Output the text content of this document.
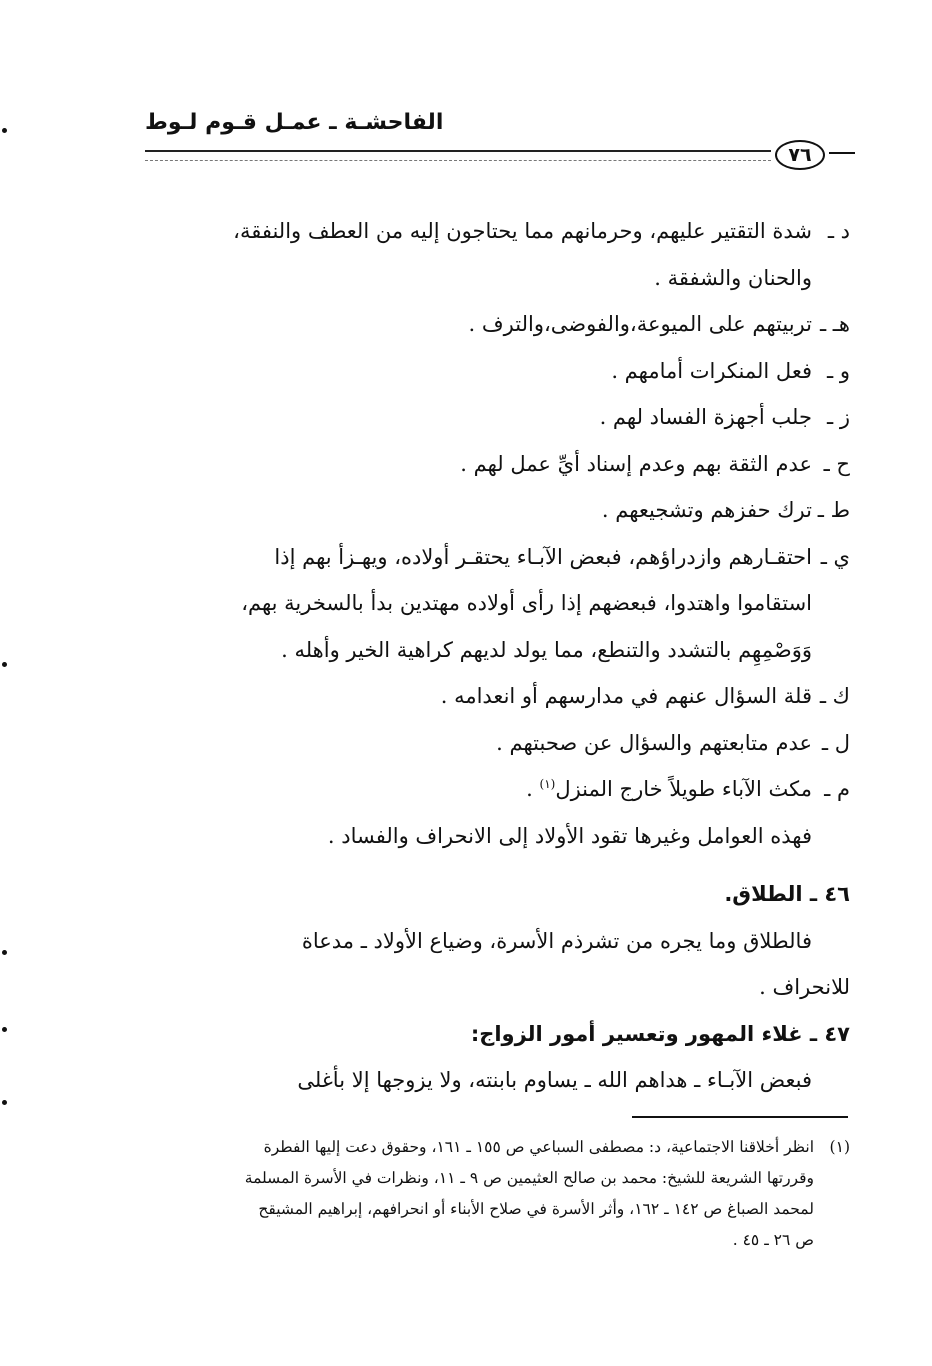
الفاحشـة ـ عمـل قـوم لـوط
٧٦

د ـشدة التقتير عليهم، وحرمانهم مما يحتاجون إليه من العطف والنفقة،

والحنان والشفقة .

هـ ـتربيتهم على الميوعة،والفوضى،والترف .

و ـفعل المنكرات أمامهم .

ز ـجلب أجهزة الفساد لهم .

ح ـعدم الثقة بهم وعدم إسناد أيِّ عمل لهم .

ط ـترك حفزهم وتشجيعهم .

ي ـاحتقـارهم وازدراؤهم، فبعض الآبـاء يحتقـر أولاده، ويهـزأ بهم إذا

استقاموا واهتدوا، فبعضهم إذا رأى أولاده مهتدين بدأ بالسخرية بهم،

وَوَصْمِهِم بالتشدد والتنطع، مما يولد لديهم كراهية الخير وأهله .

ك ـقلة السؤال عنهم في مدارسهم أو انعدامه .

ل ـعدم متابعتهم والسؤال عن صحبتهم .

م ـمكث الآباء طويلاً خارج المنزل$^{(١)}$ .

فهذه العوامل وغيرها تقود الأولاد إلى الانحراف والفساد .

٤٦ ـ الطلاق.

فالطلاق وما يجره من تشرذم الأسرة، وضياع الأولاد ـ مدعاة

للانحراف .

٤٧ ـ غلاء المهور وتعسير أمور الزواج:

فبعض الآبـاء ـ هداهم الله ـ يساوم بابنته، ولا يزوجها إلا بأغلى

(١)انظر أخلاقنا الاجتماعية، د: مصطفى السباعي ص ١٥٥ ـ ١٦١، وحقوق دعت إليها الفطرة

وقررتها الشريعة للشيخ: محمد بن صالح العثيمين ص ٩ ـ ١١، ونظرات في الأسرة المسلمة

لمحمد الصباغ ص ١٤٢ ـ ١٦٢، وأثر الأسرة في صلاح الأبناء أو انحرافهم، إبراهيم المشيقح

ص ٢٦ ـ ٤٥ .
